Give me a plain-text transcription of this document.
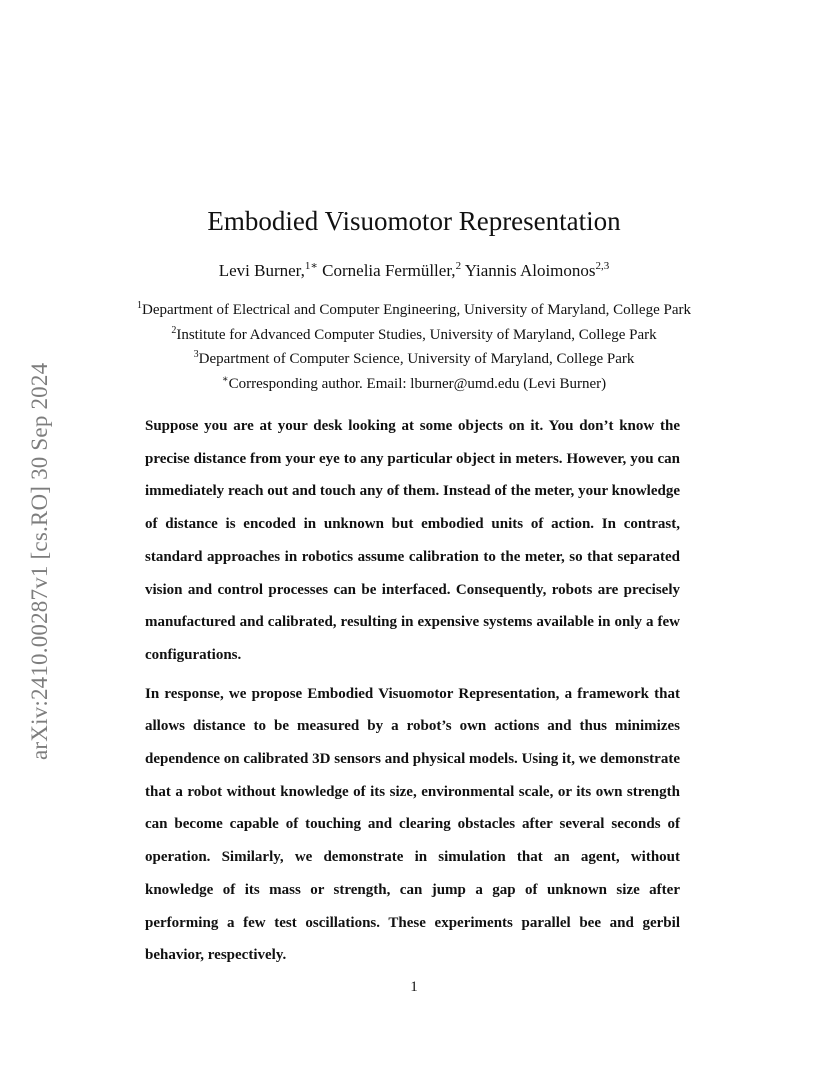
arXiv:2410.00287v1 [cs.RO] 30 Sep 2024
Embodied Visuomotor Representation
Levi Burner,$^{1∗}$ Cornelia Fermüller,$^2$ Yiannis Aloimonos$^{2,3}$
$^1$Department of Electrical and Computer Engineering, University of Maryland, College Park
$^2$Institute for Advanced Computer Studies, University of Maryland, College Park
$^3$Department of Computer Science, University of Maryland, College Park
∗Corresponding author. Email: lburner@umd.edu (Levi Burner)

Suppose you are at your desk looking at some objects on it. You don’t know the precise distance from your eye to any particular object in meters. However, you can immediately reach out and touch any of them. Instead of the meter, your knowledge of distance is encoded in unknown but embodied units of action. In contrast, standard approaches in robotics assume calibration to the meter, so that separated vision and control processes can be interfaced. Consequently, robots are precisely manufactured and calibrated, resulting in expensive systems available in only a few configurations.

In response, we propose Embodied Visuomotor Representation, a framework that allows distance to be measured by a robot’s own actions and thus minimizes dependence on calibrated 3D sensors and physical models. Using it, we demonstrate that a robot without knowledge of its size, environmental scale, or its own strength can become capable of touching and clearing obstacles after several seconds of operation. Similarly, we demonstrate in simulation that an agent, without knowledge of its mass or strength, can jump a gap of unknown size after performing a few test oscillations. These experiments parallel bee and gerbil behavior, respectively.

1
